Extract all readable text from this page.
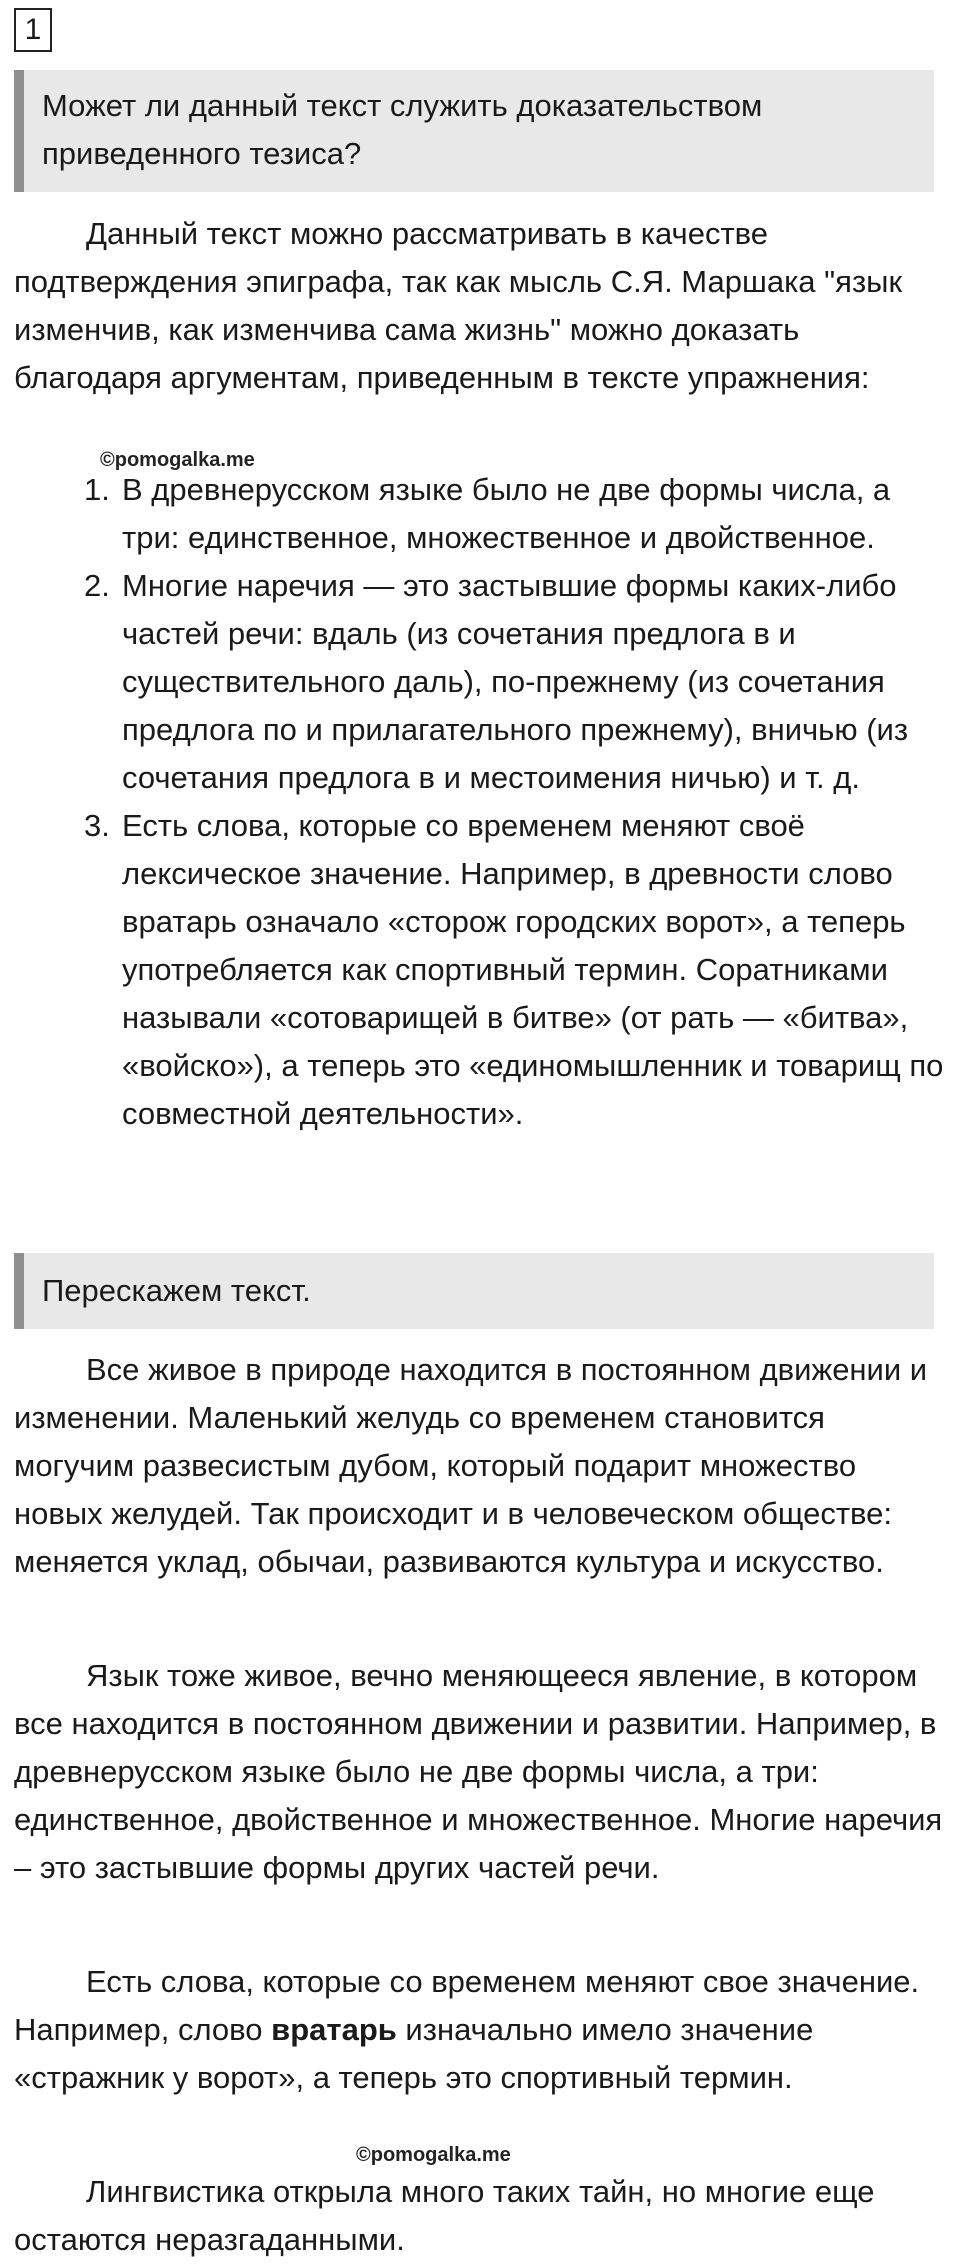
1
Может ли данный текст служить доказательством приведенного тезиса?

Данный текст можно рассматривать в качестве подтверждения эпиграфа, так как мысль С.Я. Маршака "язык изменчив, как изменчива сама жизнь" можно доказать благодаря аргументам, приведенным в тексте упражнения:

©pomogalka.me
1. В древнерусском языке было не две формы числа, а три: единственное, множественное и двойственное.
2. Многие наречия — это застывшие формы каких-либо частей речи: вдаль (из сочетания предлога в и существительного даль), по-прежнему (из сочетания предлога по и прилагательного прежнему), вничью (из сочетания предлога в и местоимения ничью) и т. д.
3. Есть слова, которые со временем меняют своё лексическое значение. Например, в древности слово вратарь означало «сторож городских ворот», а теперь употребляется как спортивный термин. Соратниками называли «сотоварищей в битве» (от рать — «битва», «войско»), а теперь это «единомышленник и товарищ по совместной деятельности».
Перескажем текст.

Все живое в природе находится в постоянном движении и изменении. Маленький желудь со временем становится могучим развесистым дубом, который подарит множество новых желудей. Так происходит и в человеческом обществе: меняется уклад, обычаи, развиваются культура и искусство.

Язык тоже живое, вечно меняющееся явление, в котором все находится в постоянном движении и развитии. Например, в древнерусском языке было не две формы числа, а три: единственное, двойственное и множественное. Многие наречия – это застывшие формы других частей речи.

Есть слова, которые со временем меняют свое значение. Например, слово вратарь изначально имело значение «стражник у ворот», а теперь это спортивный термин.

©pomogalka.me

Лингвистика открыла много таких тайн, но многие еще остаются неразгаданными.
